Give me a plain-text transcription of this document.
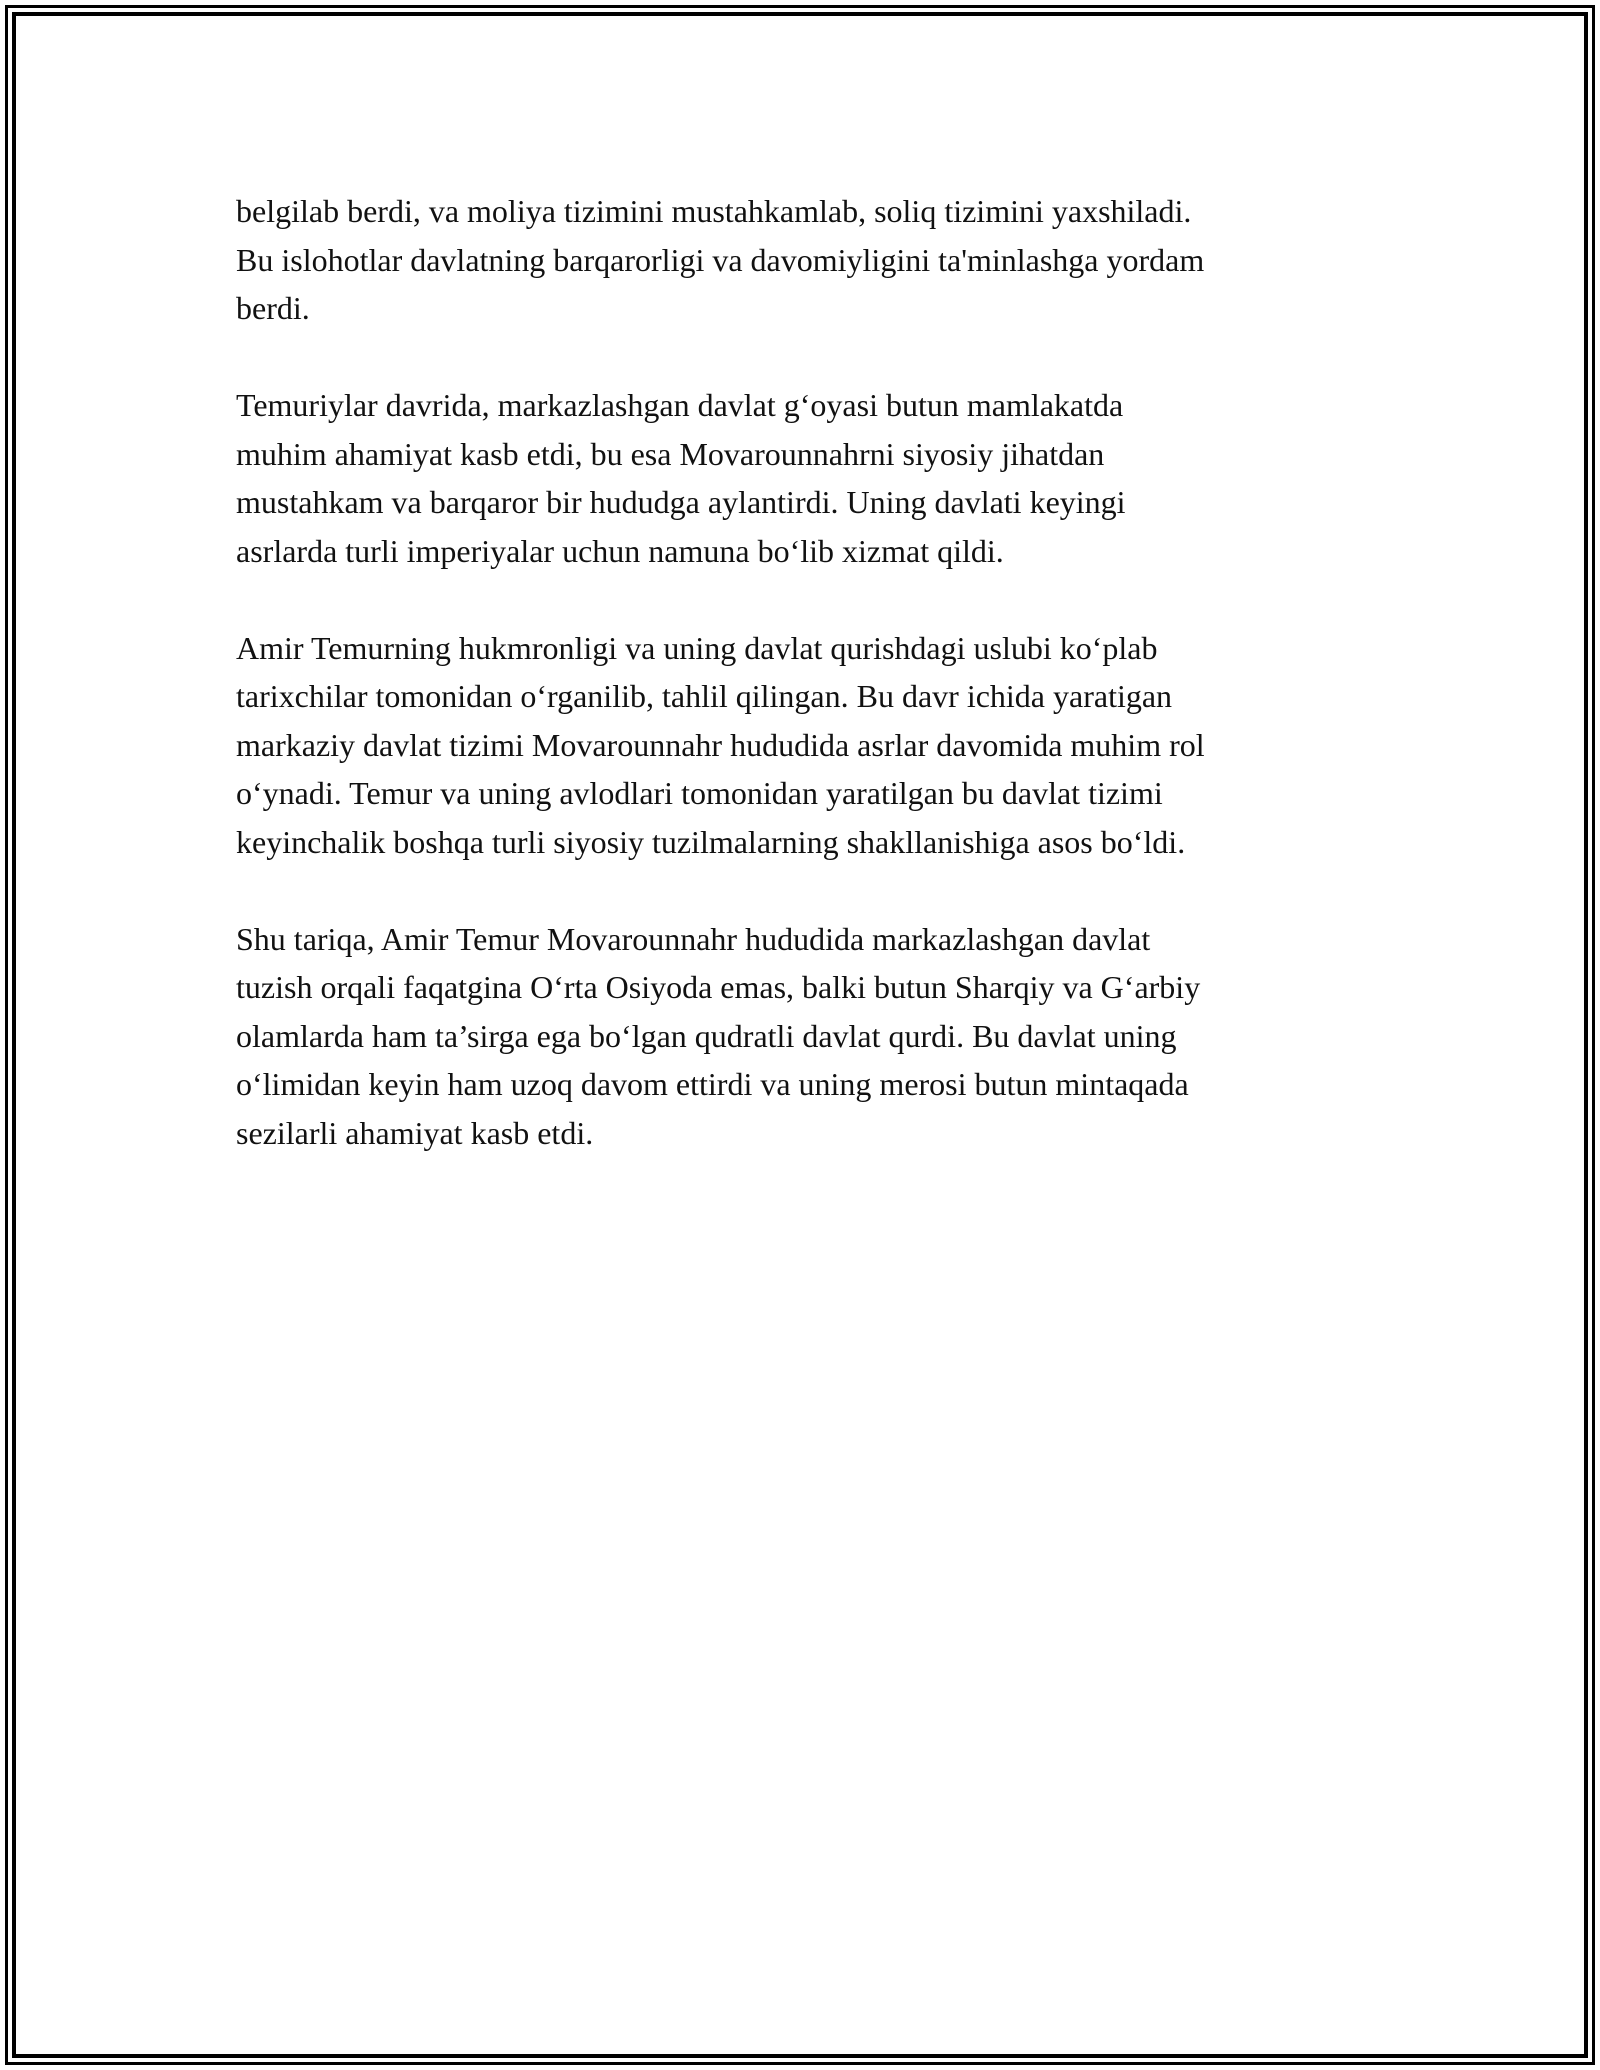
belgilab berdi, va moliya tizimini mustahkamlab, soliq tizimini yaxshiladi.
Bu islohotlar davlatning barqarorligi va davomiyligini ta'minlashga yordam
berdi.

Temuriylar davrida, markazlashgan davlat g‘oyasi butun mamlakatda
muhim ahamiyat kasb etdi, bu esa Movarounnahrni siyosiy jihatdan
mustahkam va barqaror bir hududga aylantirdi. Uning davlati keyingi
asrlarda turli imperiyalar uchun namuna bo‘lib xizmat qildi.

Amir Temurning hukmronligi va uning davlat qurishdagi uslubi ko‘plab
tarixchilar tomonidan o‘rganilib, tahlil qilingan. Bu davr ichida yaratigan
markaziy davlat tizimi Movarounnahr hududida asrlar davomida muhim rol
o‘ynadi. Temur va uning avlodlari tomonidan yaratilgan bu davlat tizimi
keyinchalik boshqa turli siyosiy tuzilmalarning shakllanishiga asos bo‘ldi.

Shu tariqa, Amir Temur Movarounnahr hududida markazlashgan davlat
tuzish orqali faqatgina O‘rta Osiyoda emas, balki butun Sharqiy va G‘arbiy
olamlarda ham ta’sirga ega bo‘lgan qudratli davlat qurdi. Bu davlat uning
o‘limidan keyin ham uzoq davom ettirdi va uning merosi butun mintaqada
sezilarli ahamiyat kasb etdi.
